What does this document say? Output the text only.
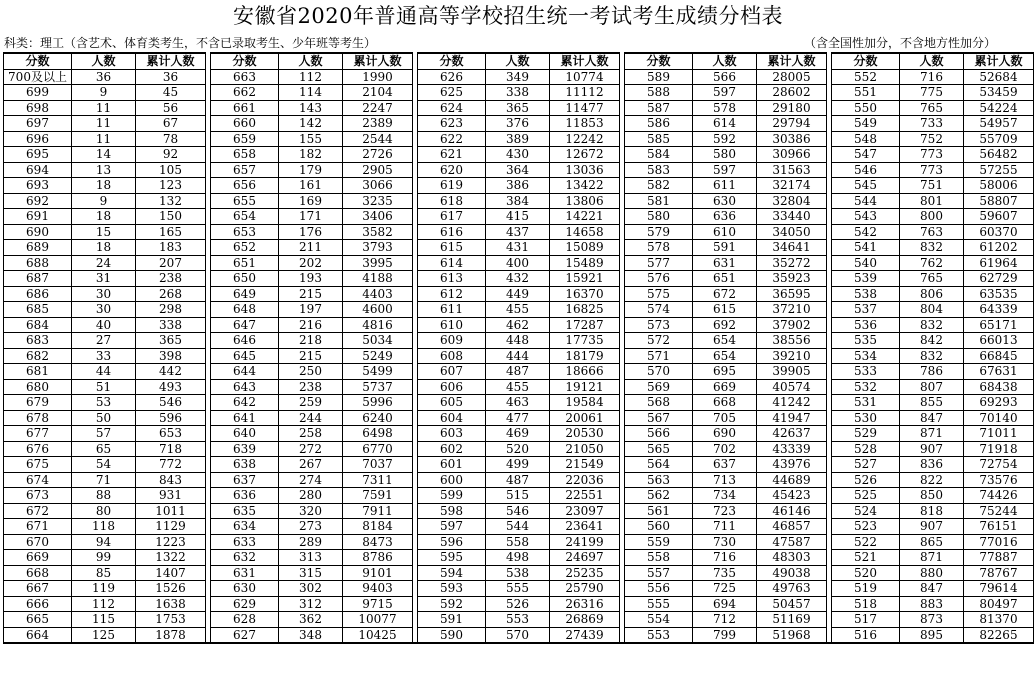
安徽省2020年普通高等学校招生统一考试考生成绩分档表
科类：理工（含艺术、体育类考生，不含已录取考生、少年班等考生）	（含全国性加分，不含地方性加分）
分数	人数	累计人数		分数	人数	累计人数		分数	人数	累计人数		分数	人数	累计人数		分数	人数	累计人数
700及以上	36	36		663	112	1990		626	349	10774		589	566	28005		552	716	52684
699	9	45		662	114	2104		625	338	11112		588	597	28602		551	775	53459
698	11	56		661	143	2247		624	365	11477		587	578	29180		550	765	54224
697	11	67		660	142	2389		623	376	11853		586	614	29794		549	733	54957
696	11	78		659	155	2544		622	389	12242		585	592	30386		548	752	55709
695	14	92		658	182	2726		621	430	12672		584	580	30966		547	773	56482
694	13	105		657	179	2905		620	364	13036		583	597	31563		546	773	57255
693	18	123		656	161	3066		619	386	13422		582	611	32174		545	751	58006
692	9	132		655	169	3235		618	384	13806		581	630	32804		544	801	58807
691	18	150		654	171	3406		617	415	14221		580	636	33440		543	800	59607
690	15	165		653	176	3582		616	437	14658		579	610	34050		542	763	60370
689	18	183		652	211	3793		615	431	15089		578	591	34641		541	832	61202
688	24	207		651	202	3995		614	400	15489		577	631	35272		540	762	61964
687	31	238		650	193	4188		613	432	15921		576	651	35923		539	765	62729
686	30	268		649	215	4403		612	449	16370		575	672	36595		538	806	63535
685	30	298		648	197	4600		611	455	16825		574	615	37210		537	804	64339
684	40	338		647	216	4816		610	462	17287		573	692	37902		536	832	65171
683	27	365		646	218	5034		609	448	17735		572	654	38556		535	842	66013
682	33	398		645	215	5249		608	444	18179		571	654	39210		534	832	66845
681	44	442		644	250	5499		607	487	18666		570	695	39905		533	786	67631
680	51	493		643	238	5737		606	455	19121		569	669	40574		532	807	68438
679	53	546		642	259	5996		605	463	19584		568	668	41242		531	855	69293
678	50	596		641	244	6240		604	477	20061		567	705	41947		530	847	70140
677	57	653		640	258	6498		603	469	20530		566	690	42637		529	871	71011
676	65	718		639	272	6770		602	520	21050		565	702	43339		528	907	71918
675	54	772		638	267	7037		601	499	21549		564	637	43976		527	836	72754
674	71	843		637	274	7311		600	487	22036		563	713	44689		526	822	73576
673	88	931		636	280	7591		599	515	22551		562	734	45423		525	850	74426
672	80	1011		635	320	7911		598	546	23097		561	723	46146		524	818	75244
671	118	1129		634	273	8184		597	544	23641		560	711	46857		523	907	76151
670	94	1223		633	289	8473		596	558	24199		559	730	47587		522	865	77016
669	99	1322		632	313	8786		595	498	24697		558	716	48303		521	871	77887
668	85	1407		631	315	9101		594	538	25235		557	735	49038		520	880	78767
667	119	1526		630	302	9403		593	555	25790		556	725	49763		519	847	79614
666	112	1638		629	312	9715		592	526	26316		555	694	50457		518	883	80497
665	115	1753		628	362	10077		591	553	26869		554	712	51169		517	873	81370
664	125	1878		627	348	10425		590	570	27439		553	799	51968		516	895	82265
